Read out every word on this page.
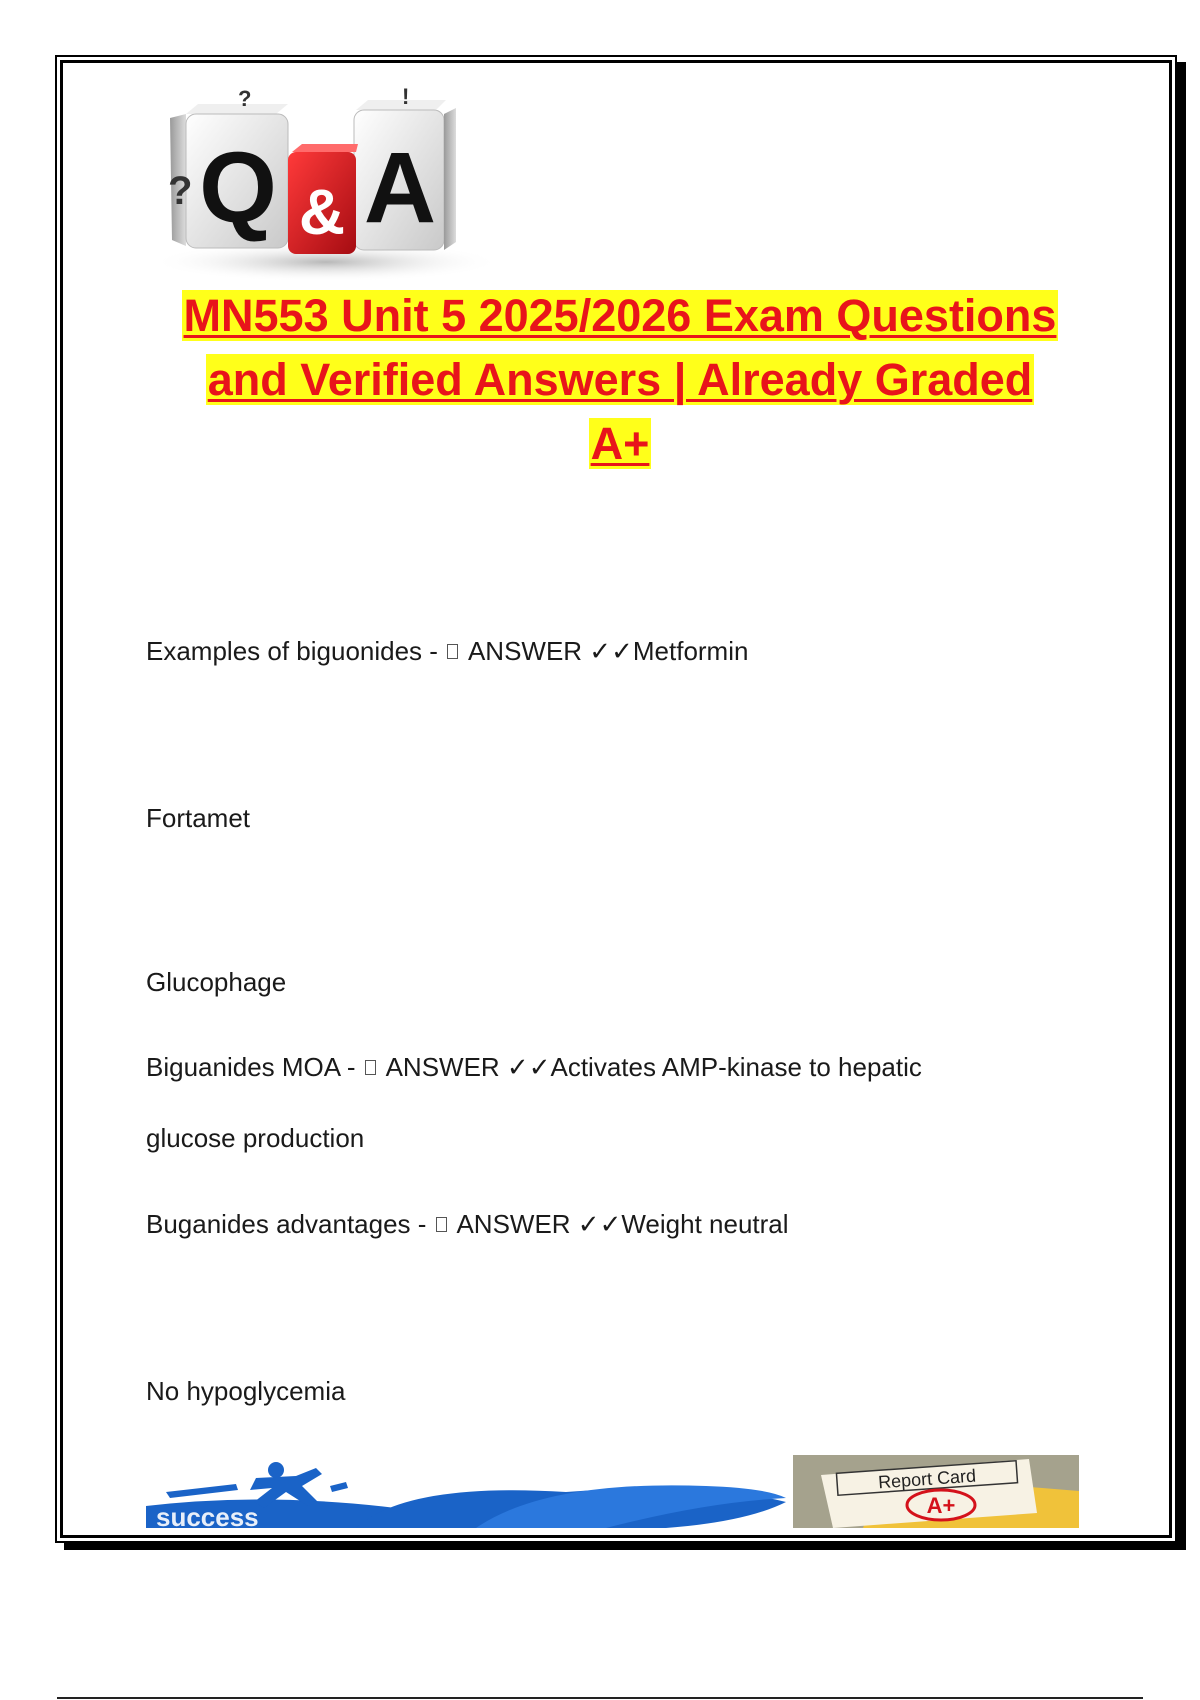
Q & A
?
?	!
MN553 Unit 5 2025/2026 Exam Questions
and Verified Answers | Already Graded
A+
Examples of biguonides -  ANSWER ✓✓Metformin
Fortamet
Glucophage
Biguanides MOA -  ANSWER ✓✓Activates AMP-kinase to hepatic
glucose production
Buganides advantages -  ANSWER ✓✓Weight neutral
No hypoglycemia
success
Report Card
A+
